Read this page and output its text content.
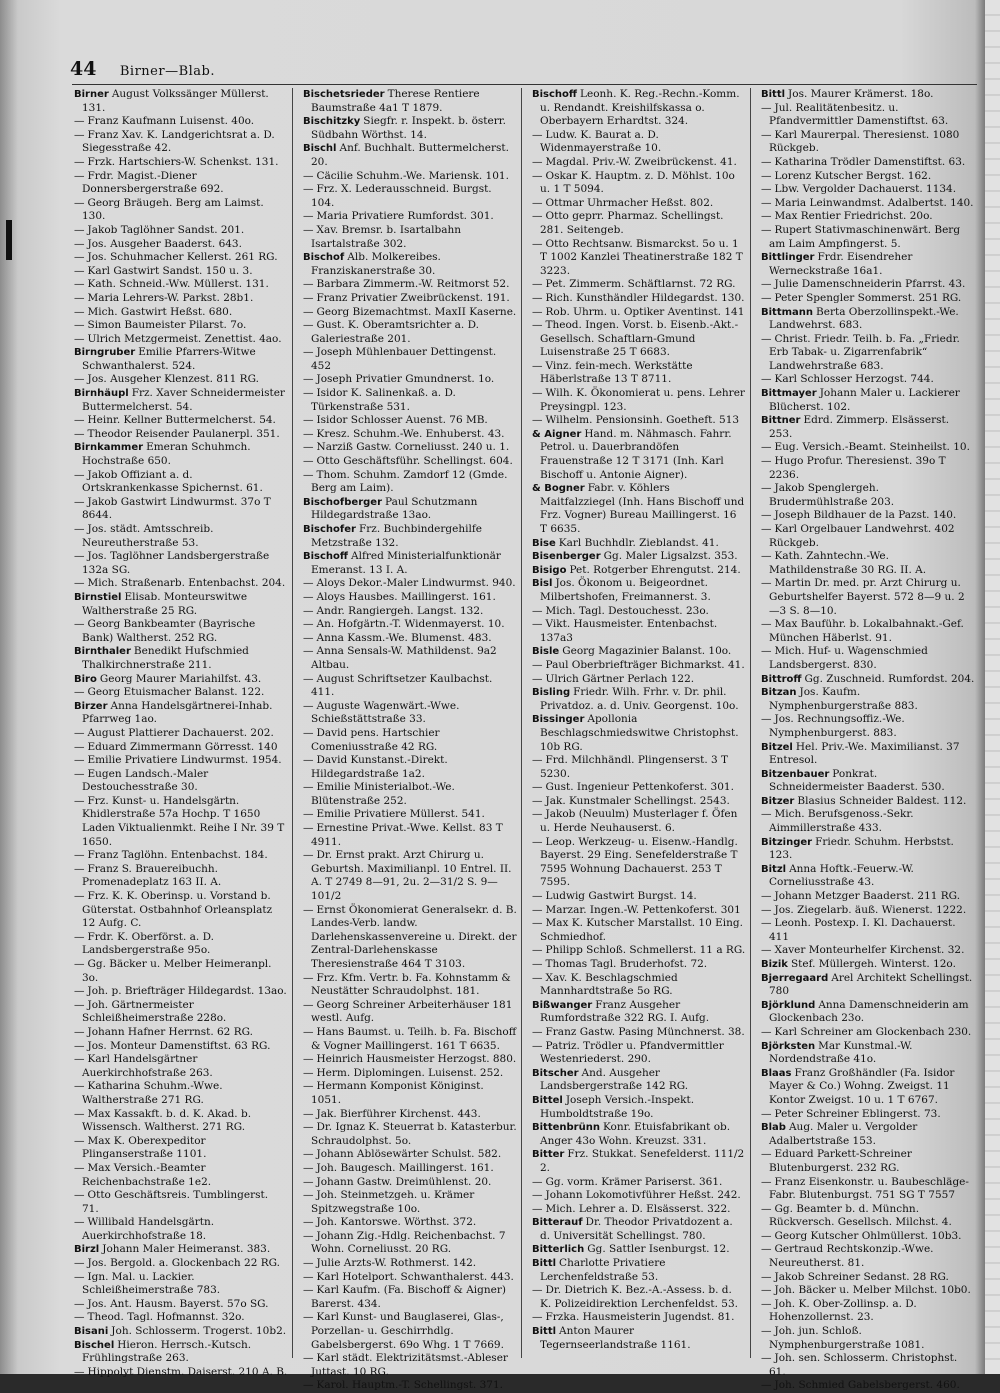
44 Birner—Blab.

Birner August Volkssänger Müllerst. 131.

— Franz Kaufmann Luisenst. 40o.

— Franz Xav. K. Landgerichtsrat a. D. Siegesstraße 42.

— Frzk. Hartschiers-W. Schenkst. 131.

— Frdr. Magist.-Diener Donnersbergerstraße 692.

— Georg Bräugeh. Berg am Laimst. 130.

— Jakob Taglöhner Sandst. 201.

— Jos. Ausgeher Baaderst. 643.

— Jos. Schuhmacher Kellerst. 261 RG.

— Karl Gastwirt Sandst. 150 u. 3.

— Kath. Schneid.-Ww. Müllerst. 131.

— Maria Lehrers-W. Parkst. 28b1.

— Mich. Gastwirt Heßst. 680.

— Simon Baumeister Pilarst. 7o.

— Ulrich Metzgermeist. Zenettist. 4ao.

Birngruber Emilie Pfarrers-Witwe Schwanthalerst. 524.

— Jos. Ausgeher Klenzest. 811 RG.

Birnhäupl Frz. Xaver Schneidermeister Buttermelcherst. 54.

— Heinr. Kellner Buttermelcherst. 54.

— Theodor Reisender Paulanerpl. 351.

Birnkammer Emeran Schuhmch. Hochstraße 650.

— Jakob Offiziant a. d. Ortskrankenkasse Spichernst. 61.

— Jakob Gastwirt Lindwurmst. 37o T 8644.

— Jos. städt. Amtsschreib. Neureutherstraße 53.

— Jos. Taglöhner Landsbergerstraße 132a SG.

— Mich. Straßenarb. Entenbachst. 204.

Birnstiel Elisab. Monteurswitwe Waltherstraße 25 RG.

— Georg Bankbeamter (Bayrische Bank) Waltherst. 252 RG.

Birnthaler Benedikt Hufschmied Thalkirchnerstraße 211.

Biro Georg Maurer Mariahilfst. 43.

— Georg Etuismacher Balanst. 122.

Birzer Anna Handelsgärtnerei-Inhab. Pfarrweg 1ao.

— August Plattierer Dachauerst. 202.

— Eduard Zimmermann Görresst. 140

— Emilie Privatiere Lindwurmst. 1954.

— Eugen Landsch.-Maler Destouchesstraße 30.

— Frz. Kunst- u. Handelsgärtn. Khidlerstraße 57a Hochp. T 1650 Laden Viktualienmkt. Reihe I Nr. 39 T 1650.

— Franz Taglöhn. Entenbachst. 184.

— Franz S. Brauereibuchh. Promenadeplatz 163 II. A.

— Frz. K. K. Oberinsp. u. Vorstand b. Güterstat. Ostbahnhof Orleansplatz 12 Aufg. C.

— Frdr. K. Oberförst. a. D. Landsbergerstraße 95o.

— Gg. Bäcker u. Melber Heimeranpl. 3o.

— Joh. p. Briefträger Hildegardst. 13ao.

— Joh. Gärtnermeister Schleißheimerstraße 228o.

— Johann Hafner Herrnst. 62 RG.

— Jos. Monteur Damenstiftst. 63 RG.

— Karl Handelsgärtner Auerkirchhofstraße 263.

— Katharina Schuhm.-Wwe. Waltherstraße 271 RG.

— Max Kassakft. b. d. K. Akad. b. Wissensch. Waltherst. 271 RG.

— Max K. Oberexpeditor Plinganserstraße 1101.

— Max Versich.-Beamter Reichenbachstraße 1e2.

— Otto Geschäftsreis. Tumblingerst. 71.

— Willibald Handelsgärtn. Auerkirchhofstraße 18.

Birzl Johann Maler Heimeranst. 383.

— Jos. Bergold. a. Glockenbach 22 RG.

— Ign. Mal. u. Lackier. Schleißheimerstraße 783.

— Jos. Ant. Hausm. Bayerst. 57o SG.

— Theod. Tagl. Hofmannst. 32o.

Bisani Joh. Schlosserm. Trogerst. 10b2.

Bischel Hieron. Herrsch.-Kutsch. Frühlingstraße 263.

— Hippolyt Dienstm. Daiserst. 210 A. B.

Bischetsrieder Therese Rentiere Baumstraße 4a1 T 1879.

Bischitzky Siegfr. r. Inspekt. b. österr. Südbahn Wörthst. 14.

Bischl Anf. Buchhalt. Buttermelcherst. 20.

— Cäcilie Schuhm.-We. Mariensk. 101.

— Frz. X. Lederausschneid. Burgst. 104.

— Maria Privatiere Rumfordst. 301.

— Xav. Bremsr. b. Isartalbahn Isartalstraße 302.

Bischof Alb. Molkereibes. Franziskanerstraße 30.

— Barbara Zimmerm.-W. Reitmorst 52.

— Franz Privatier Zweibrückenst. 191.

— Georg Bizemachtmst. MaxII Kaserne.

— Gust. K. Oberamtsrichter a. D. Galeriestraße 201.

— Joseph Mühlenbauer Dettingenst. 452

— Joseph Privatier Gmundnerst. 1o.

— Isidor K. Salinenkaß. a. D. Türkenstraße 531.

— Isidor Schlosser Auenst. 76 MB.

— Kresz. Schuhm.-We. Enhuberst. 43.

— Narziß Gastw. Corneliusst. 240 u. 1.

— Otto Geschäftsführ. Schellingst. 604.

— Thom. Schuhm. Zamdorf 12 (Gmde. Berg am Laim).

Bischofberger Paul Schutzmann Hildegardstraße 13ao.

Bischofer Frz. Buchbindergehilfe Metzstraße 132.

Bischoff Alfred Ministerialfunktionär Emeranst. 13 I. A.

— Aloys Dekor.-Maler Lindwurmst. 940.

— Aloys Hausbes. Maillingerst. 161.

— Andr. Rangiergeh. Langst. 132.

— An. Hofgärtn.-T. Widenmayerst. 10.

— Anna Kassm.-We. Blumenst. 483.

— Anna Sensals-W. Mathildenst. 9a2 Altbau.

— August Schriftsetzer Kaulbachst. 411.

— Auguste Wagenwärt.-Wwe. Schießstättstraße 33.

— David pens. Hartschier Comeniusstraße 42 RG.

— David Kunstanst.-Direkt. Hildegardstraße 1a2.

— Emilie Ministerialbot.-We. Blütenstraße 252.

— Emilie Privatiere Müllerst. 541.

— Ernestine Privat.-Wwe. Kellst. 83 T 4911.

— Dr. Ernst prakt. Arzt Chirurg u. Geburtsh. Maximilianpl. 10 Entrel. II. A. T 2749 8—91, 2u. 2—31/2 S. 9—101/2

— Ernst Ökonomierat Generalsekr. d. B. Landes-Verb. landw. Darlehenskassenvereine u. Direkt. der Zentral-Darlehenskasse Theresienstraße 464 T 3103.

— Frz. Kfm. Vertr. b. Fa. Kohnstamm & Neustätter Schraudolphst. 181.

— Georg Schreiner Arbeiterhäuser 181 westl. Aufg.

— Hans Baumst. u. Teilh. b. Fa. Bischoff & Vogner Maillingerst. 161 T 6635.

— Heinrich Hausmeister Herzogst. 880.

— Herm. Diplomingen. Luisenst. 252.

— Hermann Komponist Königinst. 1051.

— Jak. Bierführer Kirchenst. 443.

— Dr. Ignaz K. Steuerrat b. Katasterbur. Schraudolphst. 5o.

— Johann Ablösewärter Schulst. 582.

— Joh. Baugesch. Maillingerst. 161.

— Johann Gastw. Dreimühlenst. 20.

— Joh. Steinmetzgeh. u. Krämer Spitzwegstraße 10o.

— Joh. Kantorswe. Wörthst. 372.

— Johann Zig.-Hdlg. Reichenbachst. 7 Wohn. Corneliusst. 20 RG.

— Julie Arzts-W. Rothmerst. 142.

— Karl Hotelport. Schwanthalerst. 443.

— Karl Kaufm. (Fa. Bischoff & Aigner) Barerst. 434.

— Karl Kunst- und Bauglaserei, Glas-, Porzellan- u. Geschirrhdlg. Gabelsbergerst. 69o Whg. 1 T 7669.

— Karl städt. Elektrizitätsmst.-Ableser Juttast. 10 RG.

— Karol. Hauptm.-T. Schellingst. 371.

Bischoff Leonh. K. Reg.-Rechn.-Komm. u. Rendandt. Kreishilfskassa o. Oberbayern Erhardtst. 324.

— Ludw. K. Baurat a. D. Widenmayerstraße 10.

— Magdal. Priv.-W. Zweibrückenst. 41.

— Oskar K. Hauptm. z. D. Möhlst. 10o u. 1 T 5094.

— Ottmar Uhrmacher Heßst. 802.

— Otto geprr. Pharmaz. Schellingst. 281. Seitengeb.

— Otto Rechtsanw. Bismarckst. 5o u. 1 T 1002 Kanzlei Theatinerstraße 182 T 3223.

— Pet. Zimmerm. Schäftlarnst. 72 RG.

— Rich. Kunsthändler Hildegardst. 130.

— Rob. Uhrm. u. Optiker Aventinst. 141

— Theod. Ingen. Vorst. b. Eisenb.-Akt.-Gesellsch. Schaftlarn-Gmund Luisenstraße 25 T 6683.

— Vinz. fein-mech. Werkstätte Häberlstraße 13 T 8711.

— Wilh. K. Ökonomierat u. pens. Lehrer Preysingpl. 123.

— Wilhelm. Pensionsinh. Goetheft. 513

& Aigner Hand. m. Nähmasch. Fahrr. Petrol. u. Dauerbrandöfen Frauenstraße 12 T 3171 (Inh. Karl Bischoff u. Antonie Aigner).

& Bogner Fabr. v. Köhlers Maitfalzziegel (Inh. Hans Bischoff und Frz. Vogner) Bureau Maillingerst. 16 T 6635.

Bise Karl Buchhdlr. Zieblandst. 41.

Bisenberger Gg. Maler Ligsalzst. 353.

Bisigo Pet. Rotgerber Ehrengutst. 214.

Bisl Jos. Ökonom u. Beigeordnet. Milbertshofen, Freimannerst. 3.

— Mich. Tagl. Destouchesst. 23o.

— Vikt. Hausmeister. Entenbachst. 137a3

Bisle Georg Magazinier Balanst. 10o.

— Paul Oberbriefträger Bichmarkst. 41.

— Ulrich Gärtner Perlach 122.

Bisling Friedr. Wilh. Frhr. v. Dr. phil. Privatdoz. a. d. Univ. Georgenst. 10o.

Bissinger Apollonia Beschlagschmiedswitwe Christophst. 10b RG.

— Frd. Milchhändl. Plingenserst. 3 T 5230.

— Gust. Ingenieur Pettenkoferst. 301.

— Jak. Kunstmaler Schellingst. 2543.

— Jakob (Neuulm) Musterlager f. Öfen u. Herde Neuhauserst. 6.

— Leop. Werkzeug- u. Eisenw.-Handlg. Bayerst. 29 Eing. Senefelderstraße T 7595 Wohnung Dachauerst. 253 T 7595.

— Ludwig Gastwirt Burgst. 14.

— Marzar. Ingen.-W. Pettenkoferst. 301

— Max K. Kutscher Marstallst. 10 Eing. Schmiedhof.

— Philipp Schloß. Schmellerst. 11 a RG.

— Thomas Tagl. Bruderhofst. 72.

— Xav. K. Beschlagschmied Mannhardtstraße 5o RG.

Bißwanger Franz Ausgeher Rumfordstraße 322 RG. I. Aufg.

— Franz Gastw. Pasing Münchnerst. 38.

— Patriz. Trödler u. Pfandvermittler Westenriederst. 290.

Bitscher And. Ausgeher Landsbergerstraße 142 RG.

Bittel Joseph Versich.-Inspekt. Humboldtstraße 19o.

Bittenbrünn Konr. Etuisfabrikant ob. Anger 43o Wohn. Kreuzst. 331.

Bitter Frz. Stukkat. Senefelderst. 111/2 2.

— Gg. vorm. Krämer Pariserst. 361.

— Johann Lokomotivführer Heßst. 242.

— Mich. Lehrer a. D. Elsässerst. 322.

Bitterauf Dr. Theodor Privatdozent a. d. Universität Schellingst. 780.

Bitterlich Gg. Sattler Isenburgst. 12.

Bittl Charlotte Privatiere Lerchenfeldstraße 53.

— Dr. Dietrich K. Bez.-A.-Assess. b. d. K. Polizeidirektion Lerchenfeldst. 53.

— Frzka. Hausmeisterin Jugendst. 81.

Bittl Anton Maurer Tegernseerlandstraße 1161.

Bittl Jos. Maurer Krämerst. 18o.

— Jul. Realitätenbesitz. u. Pfandvermittler Damenstiftst. 63.

— Karl Maurerpal. Theresienst. 1080 Rückgeb.

— Katharina Trödler Damenstiftst. 63.

— Lorenz Kutscher Bergst. 162.

— Lbw. Vergolder Dachauerst. 1134.

— Maria Leinwandmst. Adalbertst. 140.

— Max Rentier Friedrichst. 20o.

— Rupert Stativmaschinenwärt. Berg am Laim Ampfingerst. 5.

Bittlinger Frdr. Eisendreher Werneckstraße 16a1.

— Julie Damenschneiderin Pfarrst. 43.

— Peter Spengler Sommerst. 251 RG.

Bittmann Berta Oberzollinspekt.-We. Landwehrst. 683.

— Christ. Friedr. Teilh. b. Fa. „Friedr. Erb Tabak- u. Zigarrenfabrik“ Landwehrstraße 683.

— Karl Schlosser Herzogst. 744.

Bittmayer Johann Maler u. Lackierer Blücherst. 102.

Bittner Edrd. Zimmerp. Elsässerst. 253.

— Eug. Versich.-Beamt. Steinheilst. 10.

— Hugo Profur. Theresienst. 39o T 2236.

— Jakob Spenglergeh. Brudermühlstraße 203.

— Joseph Bildhauer de la Pazst. 140.

— Karl Orgelbauer Landwehrst. 402 Rückgeb.

— Kath. Zahntechn.-We. Mathildenstraße 30 RG. II. A.

— Martin Dr. med. pr. Arzt Chirurg u. Geburtshelfer Bayerst. 572 8—9 u. 2—3 S. 8—10.

— Max Bauführ. b. Lokalbahnakt.-Gef. München Häberlst. 91.

— Mich. Huf- u. Wagenschmied Landsbergerst. 830.

Bittroff Gg. Zuschneid. Rumfordst. 204.

Bitzan Jos. Kaufm. Nymphenburgerstraße 883.

— Jos. Rechnungsoffiz.-We. Nymphenburgerst. 883.

Bitzel Hel. Priv.-We. Maximilianst. 37 Entresol.

Bitzenbauer Ponkrat. Schneidermeister Baaderst. 530.

Bitzer Blasius Schneider Baldest. 112.

— Mich. Berufsgenoss.-Sekr. Aimmillerstraße 433.

Bitzinger Friedr. Schuhm. Herbstst. 123.

Bitzl Anna Hoftk.-Feuerw.-W. Corneliusstraße 43.

— Johann Metzger Baaderst. 211 RG.

— Jos. Ziegelarb. äuß. Wienerst. 1222.

— Leonh. Postexp. I. Kl. Dachauerst. 411

— Xaver Monteurhelfer Kirchenst. 32.

Bizik Stef. Müllergeh. Winterst. 12o.

Bjerregaard Arel Architekt Schellingst. 780

Björklund Anna Damenschneiderin am Glockenbach 23o.

— Karl Schreiner am Glockenbach 230.

Björksten Mar Kunstmal.-W. Nordendstraße 41o.

Blaas Franz Großhändler (Fa. Isidor Mayer & Co.) Wohng. Zweigst. 11 Kontor Zweigst. 10 u. 1 T 6767.

— Peter Schreiner Eblingerst. 73.

Blab Aug. Maler u. Vergolder Adalbertstraße 153.

— Eduard Parkett-Schreiner Blutenburgerst. 232 RG.

— Franz Eisenkonstr. u. Baubeschläge-Fabr. Blutenburgst. 751 SG T 7557

— Gg. Beamter b. d. Münchn. Rückversch. Gesellsch. Milchst. 4.

— Georg Kutscher Ohlmüllerst. 10b3.

— Gertraud Rechtskonzip.-Wwe. Neureutherst. 81.

— Jakob Schreiner Sedanst. 28 RG.

— Joh. Bäcker u. Melber Milchst. 10b0.

— Joh. K. Ober-Zollinsp. a. D. Hohenzollernst. 23.

— Joh. jun. Schloß. Nymphenburgerstraße 1081.

— Joh. sen. Schlosserm. Christophst. 61.

— Joh. Schmied Gabelsbergerst. 460.
